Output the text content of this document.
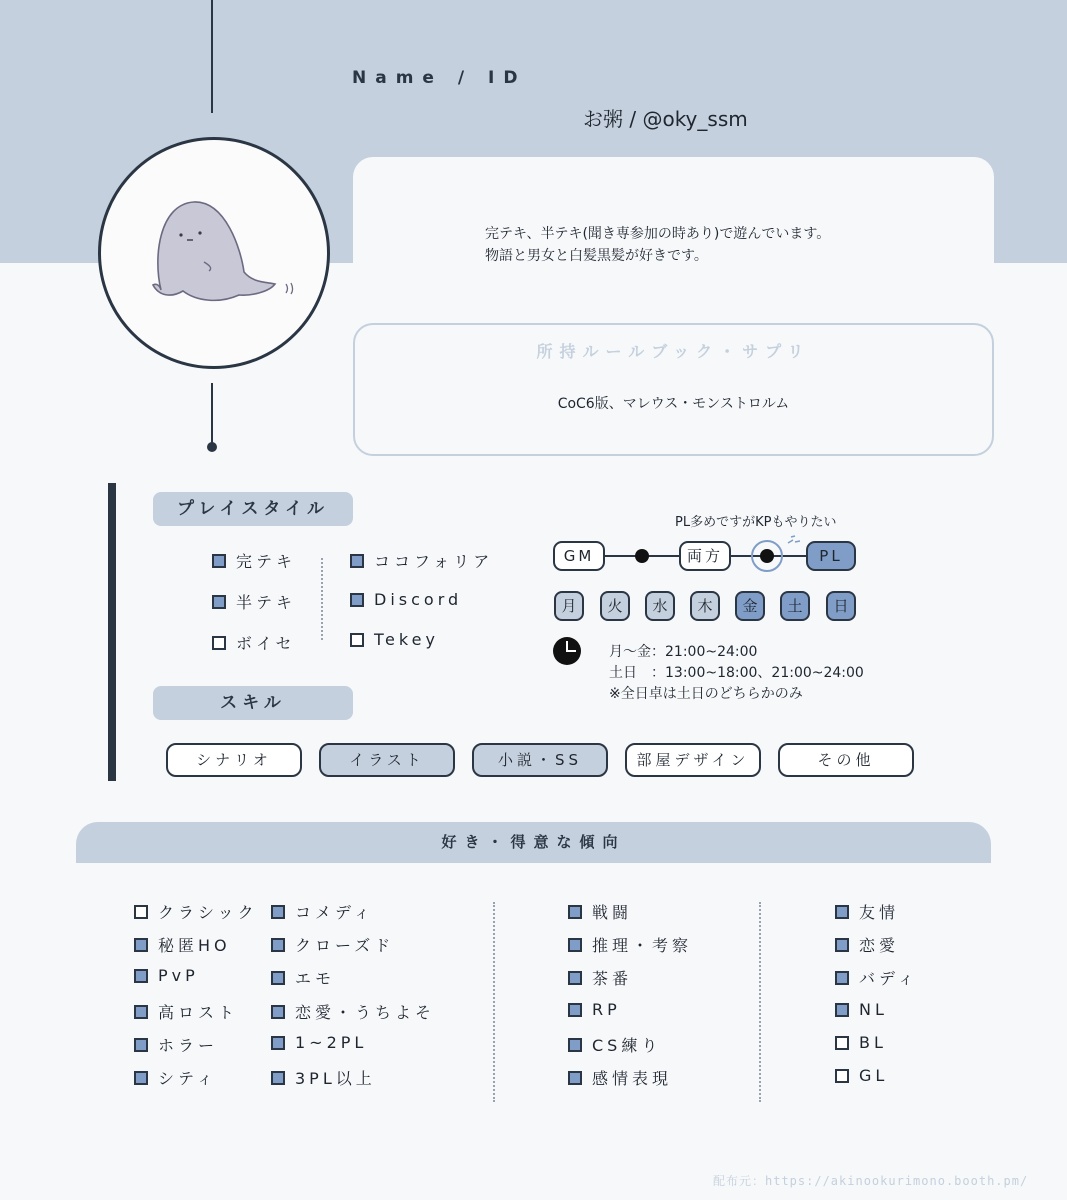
Name / ID
お粥 / @oky_ssm
完テキ、半テキ(聞き専参加の時あり)で遊んでいます。
物語と男女と白髪黒髪が好きです。
所持ルールブック・サプリ
CoC6版、マレウス・モンストロルム
プレイスタイル
完テキ
半テキ
ボイセ
ココフォリア
Discord
Tekey
PL多めですがKPもやりたい
GM	両方	PL
月	火	水	木	金	土	日
月〜金：21:00~24:00
土日　：13:00~18:00、21:00~24:00
※全日卓は土日のどちらかのみ
スキル
シナリオ	イラスト	小説・SS	部屋デザイン	その他
好き・得意な傾向
クラシック
秘匿HO
PvP
高ロスト
ホラー
シティ
コメディ
クローズド
エモ
恋愛・うちよそ
1~2PL
3PL以上
戦闘
推理・考察
茶番
RP
CS練り
感情表現
友情
恋愛
バディ
NL
BL
GL
配布元：https://akinookurimono.booth.pm/
